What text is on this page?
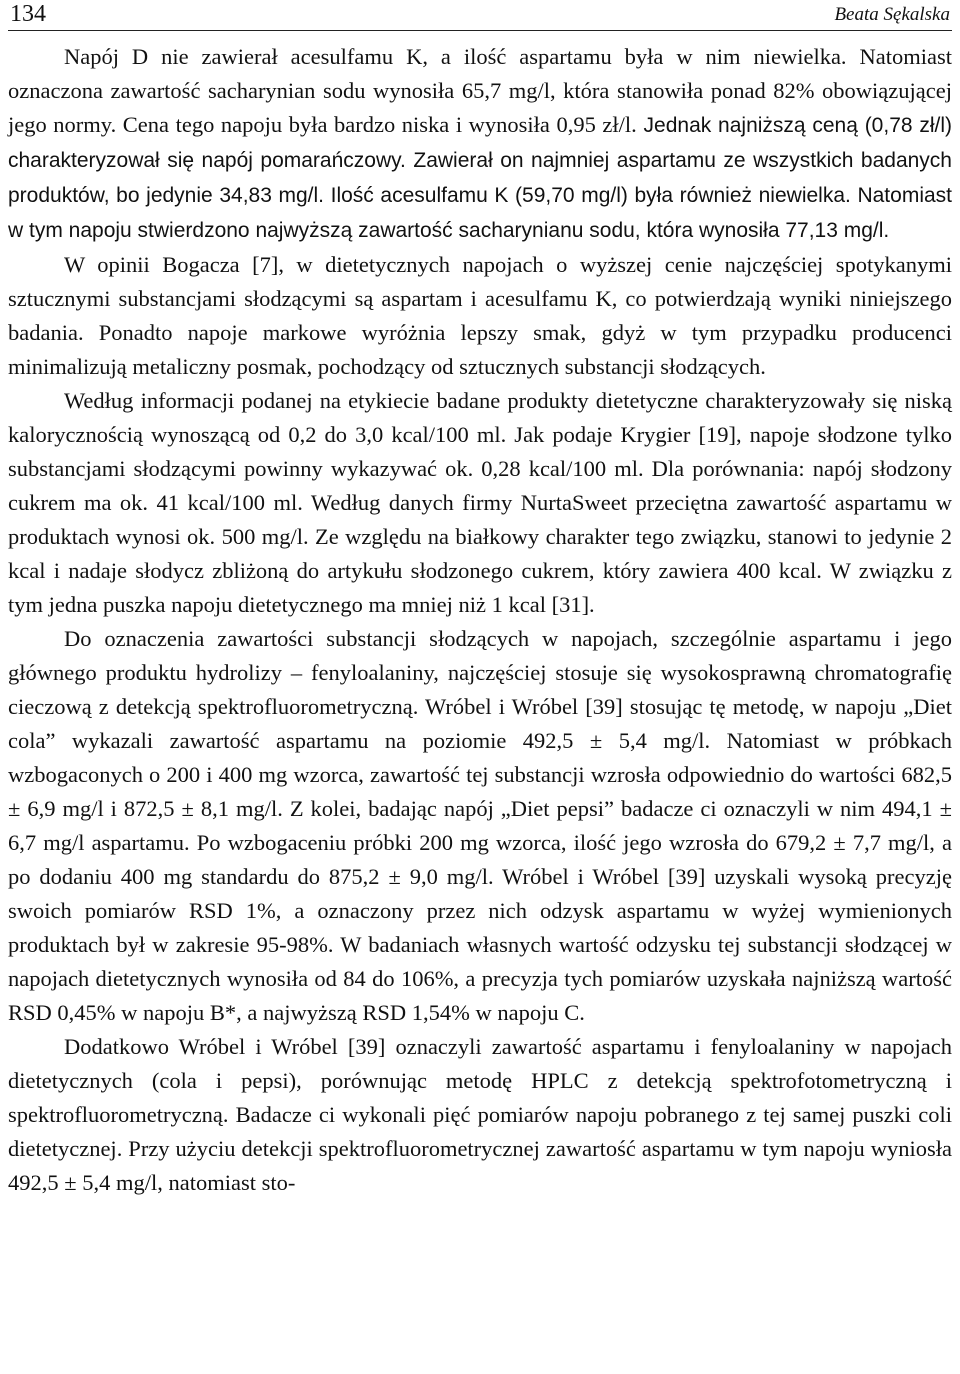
134	Beata Sękalska

Napój D nie zawierał acesulfamu K, a ilość aspartamu była w nim niewielka. Natomiast oznaczona zawartość sacharynian sodu wynosiła 65,7 mg/l, która stanowiła ponad 82% obowiązującej jego normy. Cena tego napoju była bardzo niska i wynosiła 0,95 zł/l. Jednak najniższą ceną (0,78 zł/l) charakteryzował się napój pomarańczowy. Zawierał on najmniej aspartamu ze wszystkich badanych produktów, bo jedynie 34,83 mg/l. Ilość acesulfamu K (59,70 mg/l) była również niewielka. Natomiast w tym napoju stwierdzono najwyższą zawartość sacharynianu sodu, która wynosiła 77,13 mg/l.

W opinii Bogacza [7], w dietetycznych napojach o wyższej cenie najczęściej spotykanymi sztucznymi substancjami słodzącymi są aspartam i acesulfamu K, co potwierdzają wyniki niniejszego badania. Ponadto napoje markowe wyróżnia lepszy smak, gdyż w tym przypadku producenci minimalizują metaliczny posmak, pochodzący od sztucznych substancji słodzących.

Według informacji podanej na etykiecie badane produkty dietetyczne charakteryzowały się niską kalorycznością wynoszącą od 0,2 do 3,0 kcal/100 ml. Jak podaje Krygier [19], napoje słodzone tylko substancjami słodzącymi powinny wykazywać ok. 0,28 kcal/100 ml. Dla porównania: napój słodzony cukrem ma ok. 41 kcal/100 ml. Według danych firmy NurtaSweet przeciętna zawartość aspartamu w produktach wynosi ok. 500 mg/l. Ze względu na białkowy charakter tego związku, stanowi to jedynie 2 kcal i nadaje słodycz zbliżoną do artykułu słodzonego cukrem, który zawiera 400 kcal. W związku z tym jedna puszka napoju dietetycznego ma mniej niż 1 kcal [31].

Do oznaczenia zawartości substancji słodzących w napojach, szczególnie aspartamu i jego głównego produktu hydrolizy – fenyloalaniny, najczęściej stosuje się wysokosprawną chromatografię cieczową z detekcją spektrofluorometryczną. Wróbel i Wróbel [39] stosując tę metodę, w napoju „Diet cola” wykazali zawartość aspartamu na poziomie 492,5 ± 5,4 mg/l. Natomiast w próbkach wzbogaconych o 200 i 400 mg wzorca, zawartość tej substancji wzrosła odpowiednio do wartości 682,5 ± 6,9 mg/l i 872,5 ± 8,1 mg/l. Z kolei, badając napój „Diet pepsi” badacze ci oznaczyli w nim 494,1 ± 6,7 mg/l aspartamu. Po wzbogaceniu próbki 200 mg wzorca, ilość jego wzrosła do 679,2 ± 7,7 mg/l, a po dodaniu 400 mg standardu do 875,2 ± 9,0 mg/l. Wróbel i Wróbel [39] uzyskali wysoką precyzję swoich pomiarów RSD 1%, a oznaczony przez nich odzysk aspartamu w wyżej wymienionych produktach był w zakresie 95-98%. W badaniach własnych wartość odzysku tej substancji słodzącej w napojach dietetycznych wynosiła od 84 do 106%, a precyzja tych pomiarów uzyskała najniższą wartość RSD 0,45% w napoju B*, a najwyższą RSD 1,54% w napoju C.

Dodatkowo Wróbel i Wróbel [39] oznaczyli zawartość aspartamu i fenyloalaniny w napojach dietetycznych (cola i pepsi), porównując metodę HPLC z detekcją spektrofotometryczną i spektrofluorometryczną. Badacze ci wykonali pięć pomiarów napoju pobranego z tej samej puszki coli dietetycznej. Przy użyciu detekcji spektrofluorometrycznej zawartość aspartamu w tym napoju wyniosła 492,5 ± 5,4 mg/l, natomiast sto-
